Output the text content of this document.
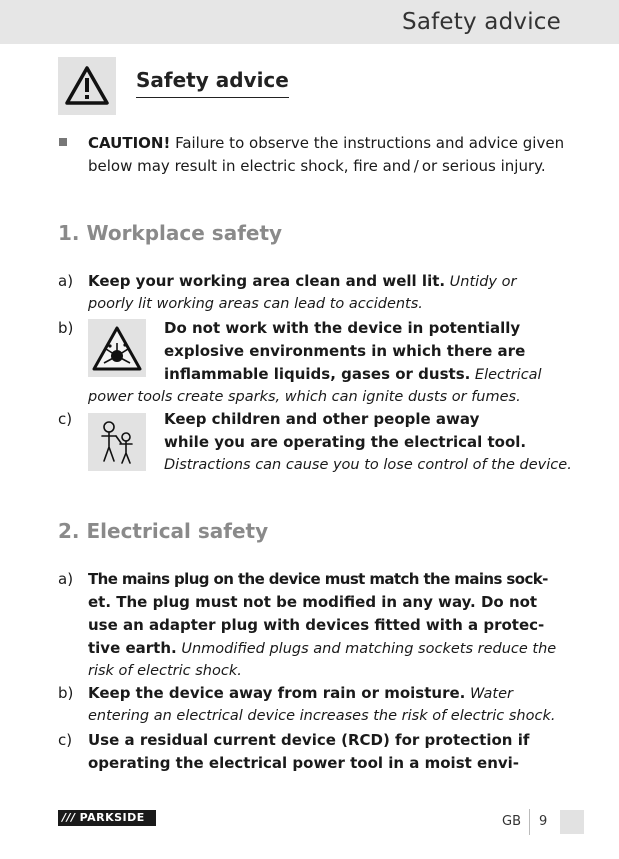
Safety advice
Safety advice
CAUTION! Failure to observe the instructions and advice given
below may result in electric shock, fire and / or serious injury.
1. Workplace safety
a) Keep your working area clean and well lit. Untidy or
poorly lit working areas can lead to accidents.
b)	Do not work with the device in potentially
explosive environments in which there are
inflammable liquids, gases or dusts. Electrical
power tools create sparks, which can ignite dusts or fumes.
c)	Keep children and other people away
while you are operating the electrical tool.
Distractions can cause you to lose control of the device.
2. Electrical safety
a) The mains plug on the device must match the mains sock-
et. The plug must not be modified in any way. Do not
use an adapter plug with devices fitted with a protec-
tive earth. Unmodified plugs and matching sockets reduce the
risk of electric shock.
b) Keep the device away from rain or moisture. Water
entering an electrical device increases the risk of electric shock.
c) Use a residual current device (RCD) for protection if
operating the electrical power tool in a moist envi-
/// PARKSIDE	GB 9
